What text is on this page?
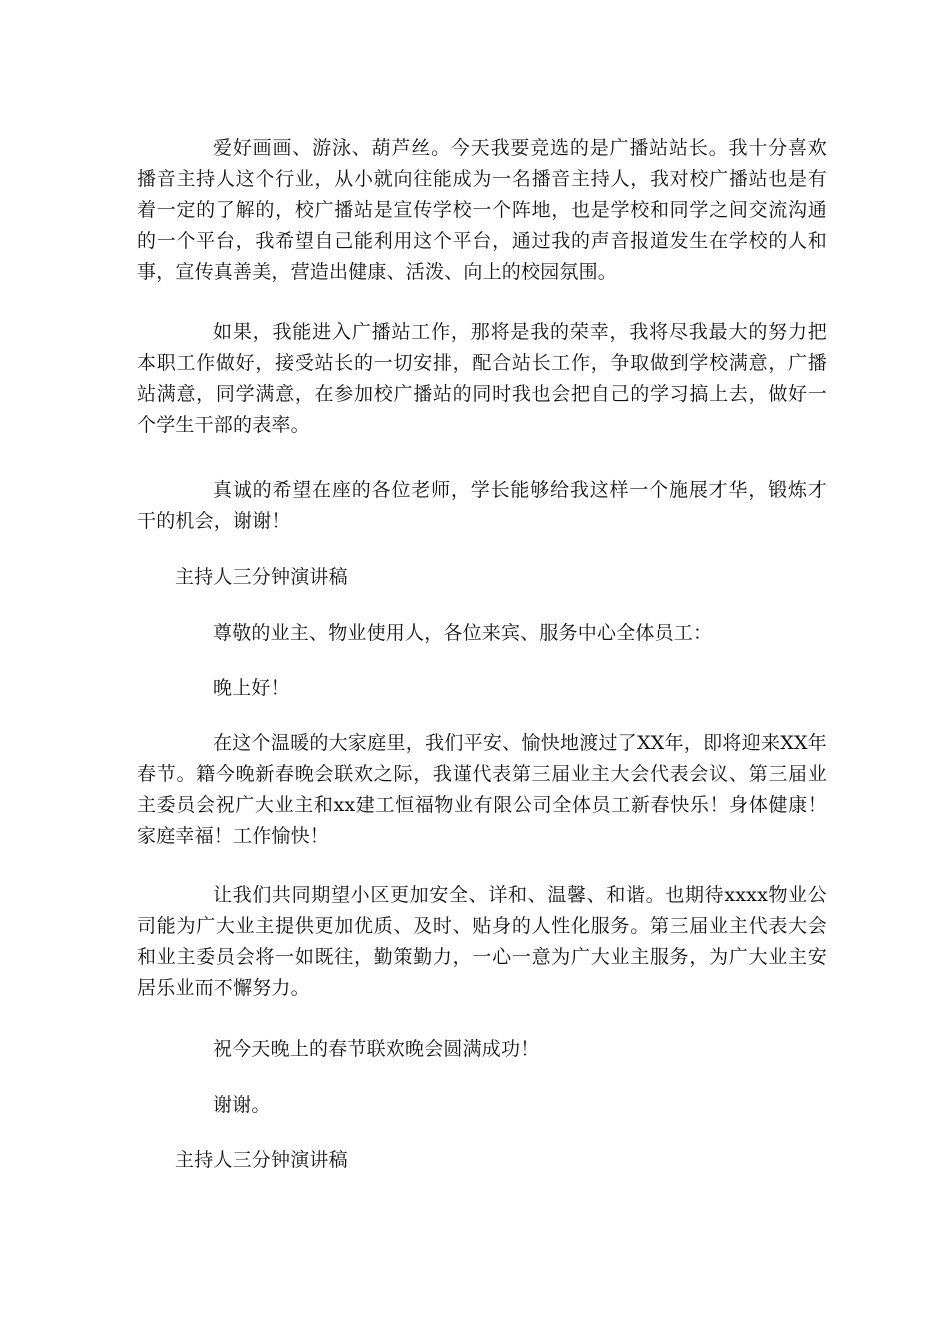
爱好画画、游泳、葫芦丝。今天我要竞选的是广播站站长。我十分喜欢播音主持人这个行业，从小就向往能成为一名播音主持人，我对校广播站也是有着一定的了解的，校广播站是宣传学校一个阵地，也是学校和同学之间交流沟通的一个平台，我希望自己能利用这个平台，通过我的声音报道发生在学校的人和事，宣传真善美，营造出健康、活泼、向上的校园氛围。

如果，我能进入广播站工作，那将是我的荣幸，我将尽我最大的努力把本职工作做好，接受站长的一切安排，配合站长工作，争取做到学校满意，广播站满意，同学满意，在参加校广播站的同时我也会把自己的学习搞上去，做好一个学生干部的表率。

真诚的希望在座的各位老师，学长能够给我这样一个施展才华，锻炼才干的机会，谢谢！

主持人三分钟演讲稿

尊敬的业主、物业使用人，各位来宾、服务中心全体员工：

晚上好！

在这个温暖的大家庭里，我们平安、愉快地渡过了XX年，即将迎来XX年春节。籍今晚新春晚会联欢之际，我谨代表第三届业主大会代表会议、第三届业主委员会祝广大业主和xx建工恒福物业有限公司全体员工新春快乐！身体健康！家庭幸福！工作愉快！

让我们共同期望小区更加安全、详和、温馨、和谐。也期待xxxx物业公司能为广大业主提供更加优质、及时、贴身的人性化服务。第三届业主代表大会和业主委员会将一如既往，勤策勤力，一心一意为广大业主服务，为广大业主安居乐业而不懈努力。

祝今天晚上的春节联欢晚会圆满成功！

谢谢。

主持人三分钟演讲稿
